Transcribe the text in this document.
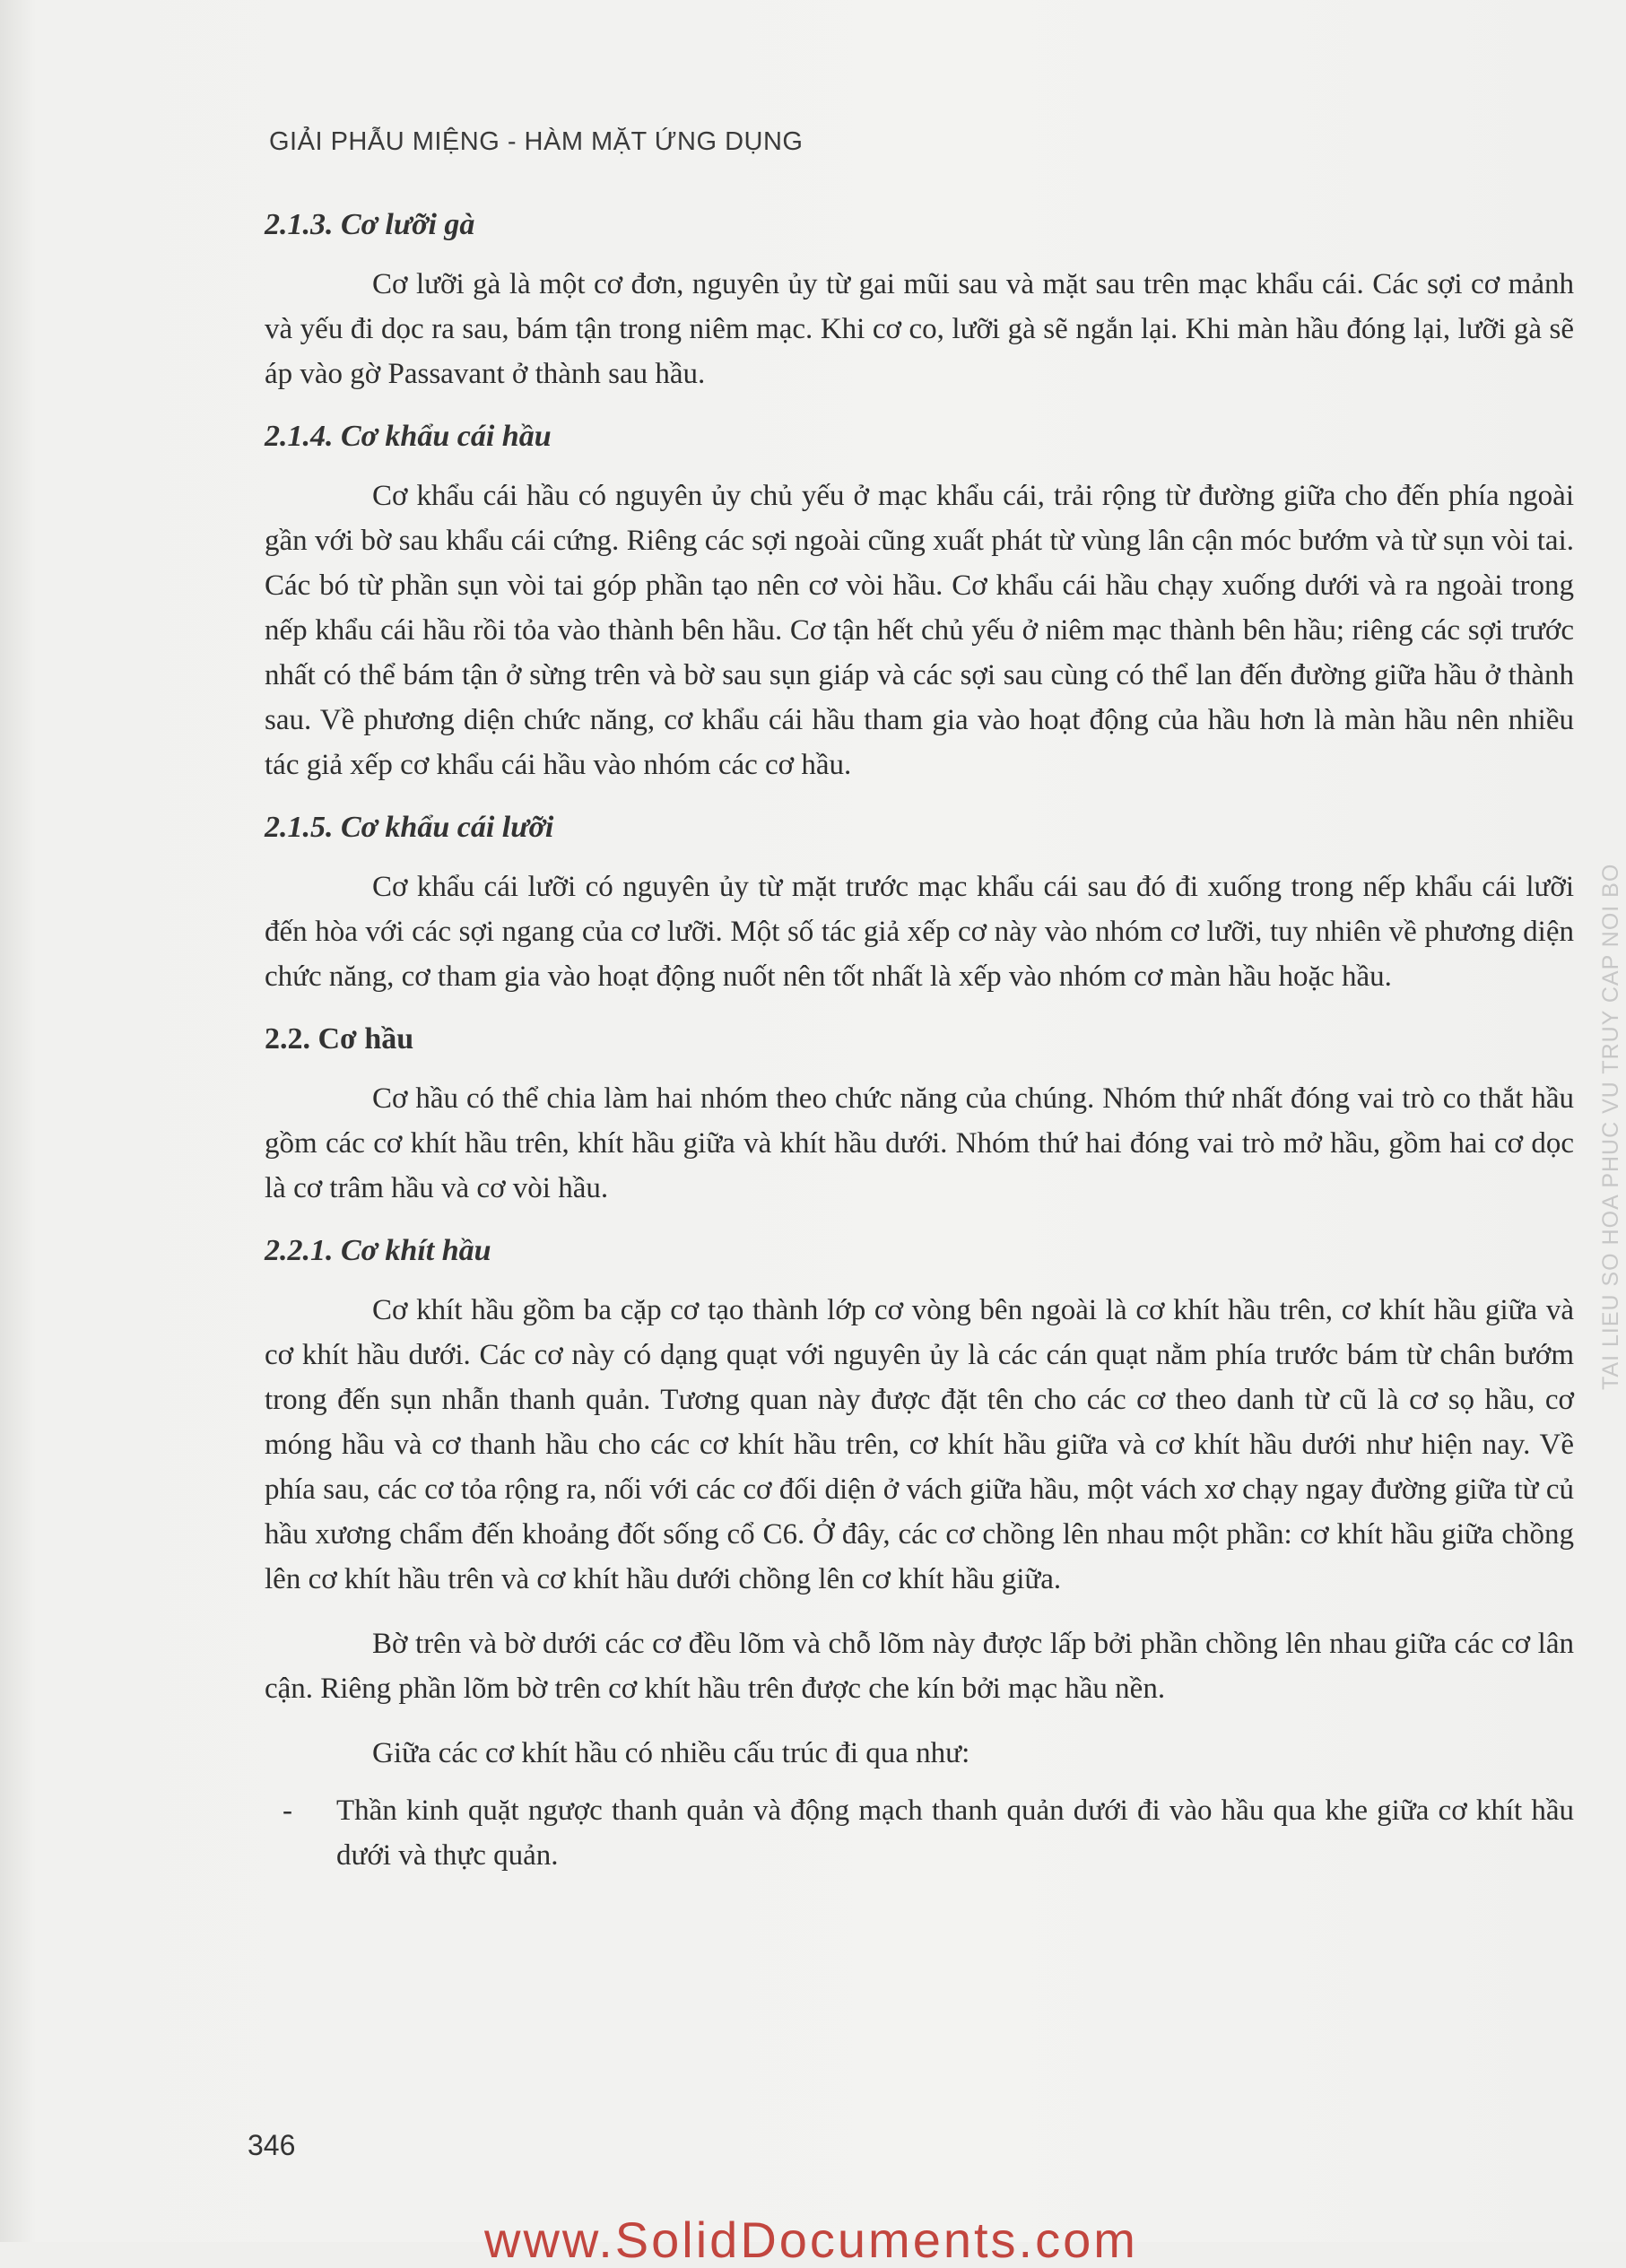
GIẢI PHẪU MIỆNG - HÀM MẶT ỨNG DỤNG
2.1.3. Cơ lưỡi gà

Cơ lưỡi gà là một cơ đơn, nguyên ủy từ gai mũi sau và mặt sau trên mạc khẩu cái. Các sợi cơ mảnh và yếu đi dọc ra sau, bám tận trong niêm mạc. Khi cơ co, lưỡi gà sẽ ngắn lại. Khi màn hầu đóng lại, lưỡi gà sẽ áp vào gờ Passavant ở thành sau hầu.

2.1.4. Cơ khẩu cái hầu

Cơ khẩu cái hầu có nguyên ủy chủ yếu ở mạc khẩu cái, trải rộng từ đường giữa cho đến phía ngoài gần với bờ sau khẩu cái cứng. Riêng các sợi ngoài cũng xuất phát từ vùng lân cận móc bướm và từ sụn vòi tai. Các bó từ phần sụn vòi tai góp phần tạo nên cơ vòi hầu. Cơ khẩu cái hầu chạy xuống dưới và ra ngoài trong nếp khẩu cái hầu rồi tỏa vào thành bên hầu. Cơ tận hết chủ yếu ở niêm mạc thành bên hầu; riêng các sợi trước nhất có thể bám tận ở sừng trên và bờ sau sụn giáp và các sợi sau cùng có thể lan đến đường giữa hầu ở thành sau. Về phương diện chức năng, cơ khẩu cái hầu tham gia vào hoạt động của hầu hơn là màn hầu nên nhiều tác giả xếp cơ khẩu cái hầu vào nhóm các cơ hầu.

2.1.5. Cơ khẩu cái lưỡi

Cơ khẩu cái lưỡi có nguyên ủy từ mặt trước mạc khẩu cái sau đó đi xuống trong nếp khẩu cái lưỡi đến hòa với các sợi ngang của cơ lưỡi. Một số tác giả xếp cơ này vào nhóm cơ lưỡi, tuy nhiên về phương diện chức năng, cơ tham gia vào hoạt động nuốt nên tốt nhất là xếp vào nhóm cơ màn hầu hoặc hầu.

2.2. Cơ hầu

Cơ hầu có thể chia làm hai nhóm theo chức năng của chúng. Nhóm thứ nhất đóng vai trò co thắt hầu gồm các cơ khít hầu trên, khít hầu giữa và khít hầu dưới. Nhóm thứ hai đóng vai trò mở hầu, gồm hai cơ dọc là cơ trâm hầu và cơ vòi hầu.

2.2.1. Cơ khít hầu

Cơ khít hầu gồm ba cặp cơ tạo thành lớp cơ vòng bên ngoài là cơ khít hầu trên, cơ khít hầu giữa và cơ khít hầu dưới. Các cơ này có dạng quạt với nguyên ủy là các cán quạt nằm phía trước bám từ chân bướm trong đến sụn nhẫn thanh quản. Tương quan này được đặt tên cho các cơ theo danh từ cũ là cơ sọ hầu, cơ móng hầu và cơ thanh hầu cho các cơ khít hầu trên, cơ khít hầu giữa và cơ khít hầu dưới như hiện nay. Về phía sau, các cơ tỏa rộng ra, nối với các cơ đối diện ở vách giữa hầu, một vách xơ chạy ngay đường giữa từ củ hầu xương chẩm đến khoảng đốt sống cổ C6. Ở đây, các cơ chồng lên nhau một phần: cơ khít hầu giữa chồng lên cơ khít hầu trên và cơ khít hầu dưới chồng lên cơ khít hầu giữa.

Bờ trên và bờ dưới các cơ đều lõm và chỗ lõm này được lấp bởi phần chồng lên nhau giữa các cơ lân cận. Riêng phần lõm bờ trên cơ khít hầu trên được che kín bởi mạc hầu nền.

Giữa các cơ khít hầu có nhiều cấu trúc đi qua như:

-	Thần kinh quặt ngược thanh quản và động mạch thanh quản dưới đi vào hầu qua khe giữa cơ khít hầu dưới và thực quản.
346
TAI LIEU SO HOA PHUC VU TRUY CAP NOI BO
www.SolidDocuments.com
